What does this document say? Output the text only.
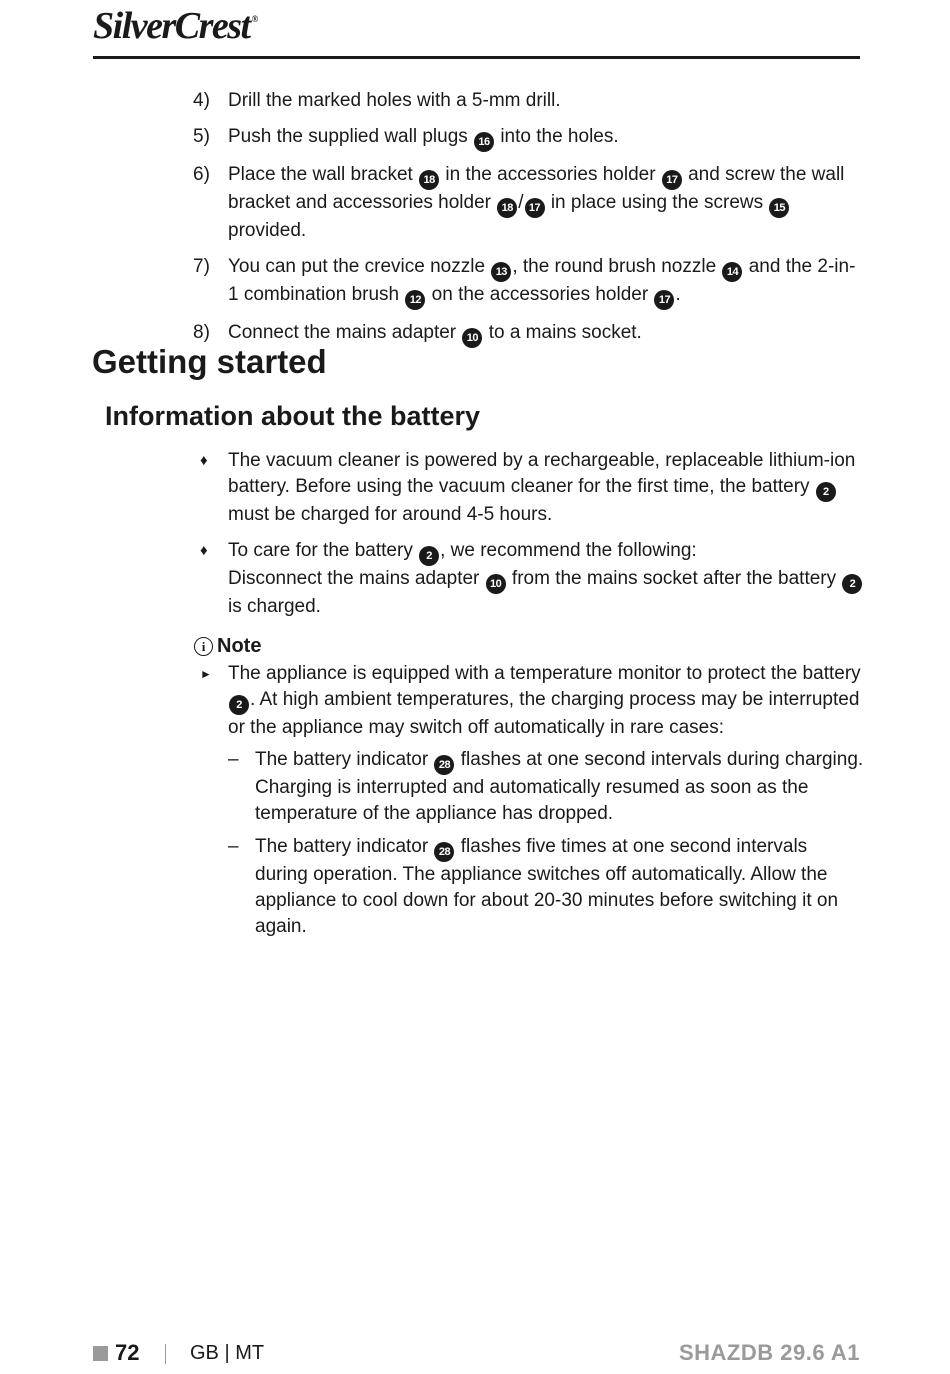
SilverCrest ®
4) Drill the marked holes with a 5-mm drill.
5) Push the supplied wall plugs 16 into the holes.
6) Place the wall bracket 18 in the accessories holder 17 and screw the wall bracket and accessories holder 18 / 17 in place using the screws 15 provided.
7) You can put the crevice nozzle 13 , the round brush nozzle 14 and the 2-in-1 combination brush 12 on the accessories holder 17 .
8) Connect the mains adapter 10 to a mains socket.
Getting started
Information about the battery
♦	The vacuum cleaner is powered by a rechargeable, replaceable lithium-ion battery. Before using the vacuum cleaner for the first time, the battery 2 must be charged for around 4-5 hours.
♦	To care for the battery 2 , we recommend the following:
Disconnect the mains adapter 10 from the mains socket after the battery 2 is charged.
i Note
► The appliance is equipped with a temperature monitor to protect the battery 2 . At high ambient temperatures, the charging process may be interrupted or the appliance may switch off automatically in rare cases:
– The battery indicator 28 flashes at one second intervals during charging. Charging is interrupted and automatically resumed as soon as the temperature of the appliance has dropped.
– The battery indicator 28 flashes five times at one second intervals during operation. The appliance switches off automatically. Allow the appliance to cool down for about 20-30 minutes before switching it on again.
72	GB | MT	SHAZDB 29.6 A1
